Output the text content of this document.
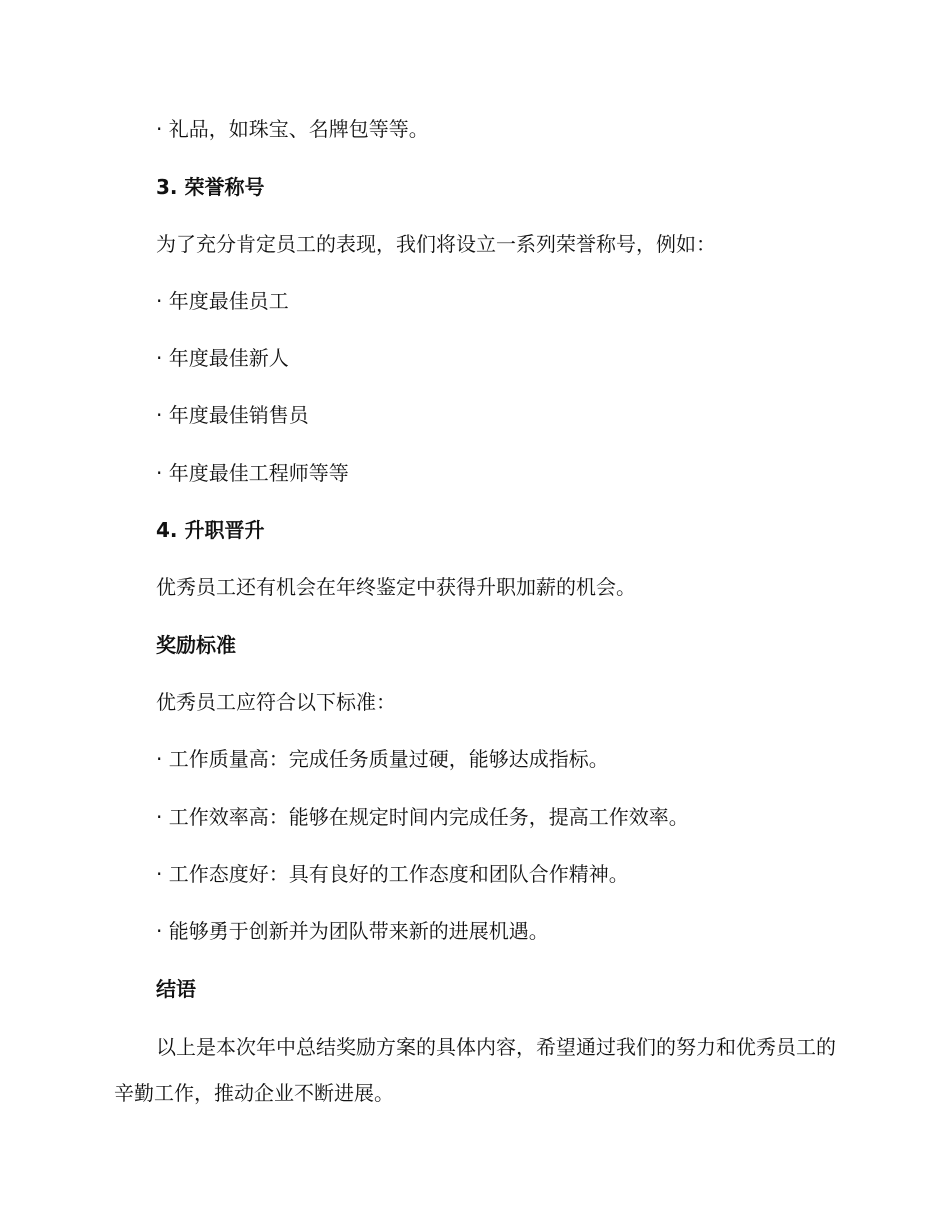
· 礼品，如珠宝、名牌包等等。
3. 荣誉称号
为了充分肯定员工的表现，我们将设立一系列荣誉称号，例如：
· 年度最佳员工
· 年度最佳新人
· 年度最佳销售员
· 年度最佳工程师等等
4. 升职晋升
优秀员工还有机会在年终鉴定中获得升职加薪的机会。
奖励标准
优秀员工应符合以下标准：
· 工作质量高：完成任务质量过硬，能够达成指标。
· 工作效率高：能够在规定时间内完成任务，提高工作效率。
· 工作态度好：具有良好的工作态度和团队合作精神。
· 能够勇于创新并为团队带来新的进展机遇。
结语
以上是本次年中总结奖励方案的具体内容，希望通过我们的努力和优秀员工的辛勤工作，推动企业不断进展。
